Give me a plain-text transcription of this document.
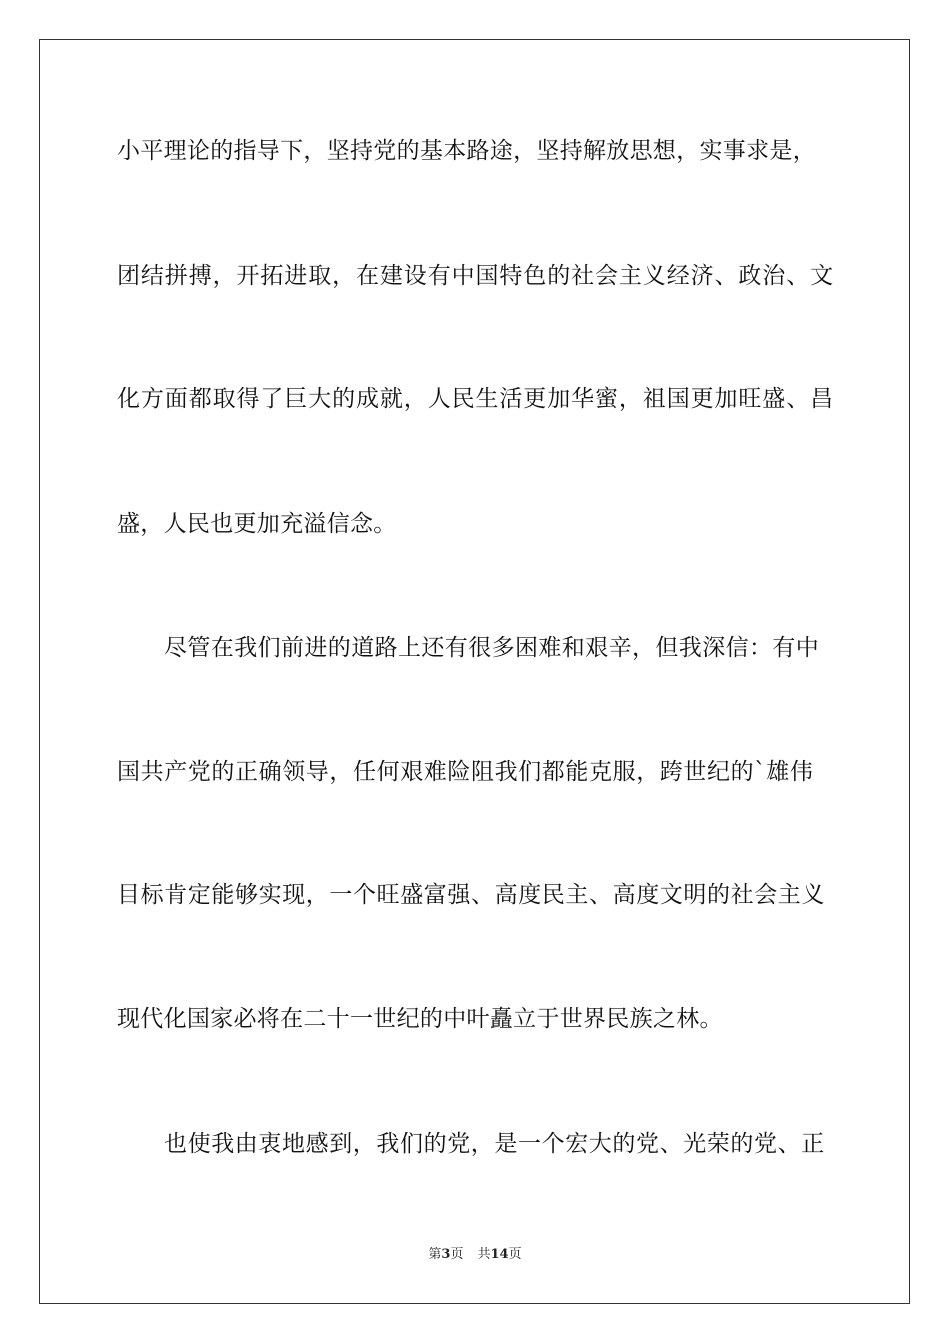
小平理论的指导下，坚持党的基本路途，坚持解放思想，实事求是，
团结拼搏，开拓进取，在建设有中国特色的社会主义经济、政治、文
化方面都取得了巨大的成就，人民生活更加华蜜，祖国更加旺盛、昌
盛，人民也更加充溢信念。
尽管在我们前进的道路上还有很多困难和艰辛，但我深信：有中
国共产党的正确领导，任何艰难险阻我们都能克服，跨世纪的`雄伟
目标肯定能够实现，一个旺盛富强、高度民主、高度文明的社会主义
现代化国家必将在二十一世纪的中叶矗立于世界民族之林。
也使我由衷地感到，我们的党，是一个宏大的党、光荣的党、正
第3页 共14页
